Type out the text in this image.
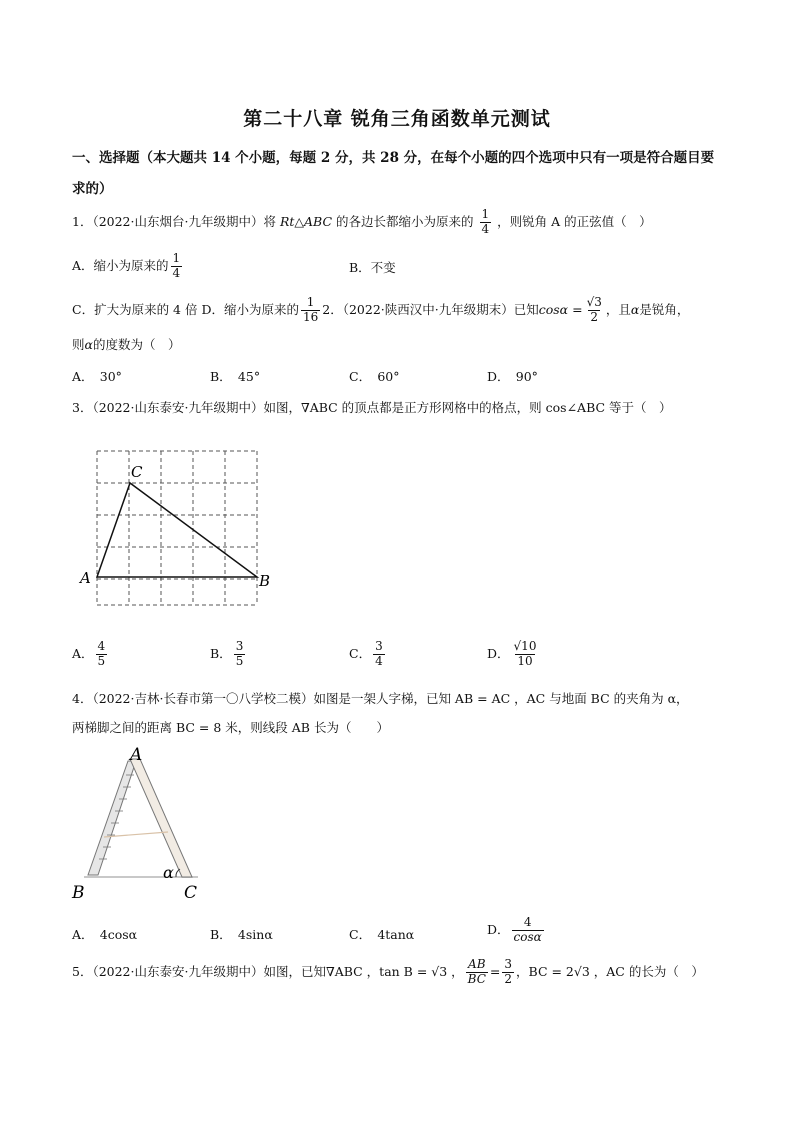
第二十八章 锐角三角函数单元测试
一、选择题（本大题共 14 个小题，每题 2 分，共 28 分，在每个小题的四个选项中只有一项是符合题目要
求的）
1．（2022·山东烟台·九年级期中）将 Rt△ABC 的各边长都缩小为原来的 $\frac{1}{4}$ ，则锐角 A 的正弦值（　）
A．缩小为原来的 $\frac{1}{4}$	B．不变
C．扩大为原来的 4 倍 D．缩小为原来的 $\frac{1}{16} 2$．（2022·陕西汉中·九年级期末）已知$\cos\alpha = \frac{√3}{2}$ ，且α是锐角，
则α的度数为（　）
A．　30°	B．　45°	C．　60°	D．　90°
3．（2022·山东泰安·九年级期中）如图，∇ABC 的顶点都是正方形网格中的格点，则 cos∠ABC 等于（　）
A	B
C
A． $\frac{4}{5}$	B． $\frac{3}{5}$	C． $\frac{3}{4}$	D． $\frac{√10}{10}$
4．（2022·吉林·长春市第一〇八学校二模）如图是一架人字梯，已知 AB = AC ，AC 与地面 BC 的夹角为 α，
两梯脚之间的距离 BC = 8 米，则线段 AB 长为（　　）
A
B	C
α
A．　4cosα	B．　4sinα	C．　4tanα	D． $\frac{4}{\cos\alpha}$
5．（2022·山东泰安·九年级期中）如图，已知∇ABC ，tan B = √3 ， $\frac{AB}{BC} = \frac{3}{2}$ ，BC = 2√3 ，AC 的长为（　）
